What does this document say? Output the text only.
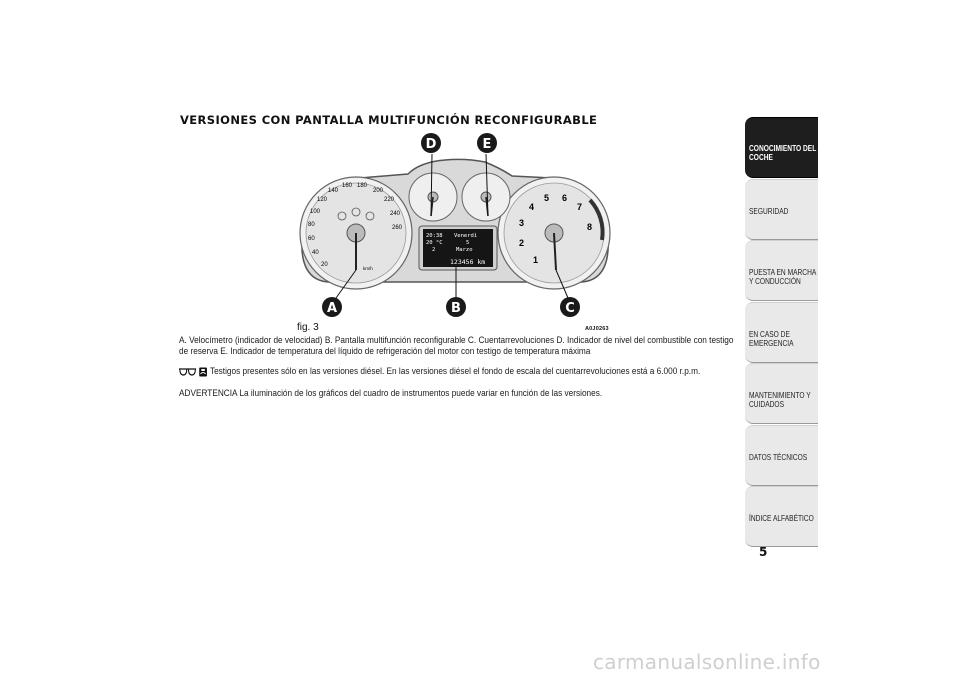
VERSIONES CON PANTALLA MULTIFUNCIÓN RECONFIGURABLE
20
40
60
80
100
120
140
160 180
200
220
240
260
km/h
1
2
3
4
5 6
7
8
20:38
20 °C
2
Venerdì
5
Marzo
123456 km
A	B	C
D	E
fig. 3	A0J0263
A. Velocímetro (indicador de velocidad) B. Pantalla multifunción reconfigurable C. Cuentarrevoluciones D. Indicador de nivel del combustible con testigo de reserva E. Indicador de temperatura del líquido de refrigeración del motor con testigo de temperatura máxima
Testigos presentes sólo en las versiones diésel. En las versiones diésel el fondo de escala del cuentarrevoluciones está a 6.000 r.p.m.
ADVERTENCIA La iluminación de los gráficos del cuadro de instrumentos puede variar en función de las versiones.
CONOCIMIENTO DEL COCHE
SEGURIDAD
PUESTA EN MARCHA Y CONDUCCIÓN
EN CASO DE EMERGENCIA
MANTENIMIENTO Y CUIDADOS
DATOS TÉCNICOS
ÍNDICE ALFABÉTICO
5
carmanualsonline.info
